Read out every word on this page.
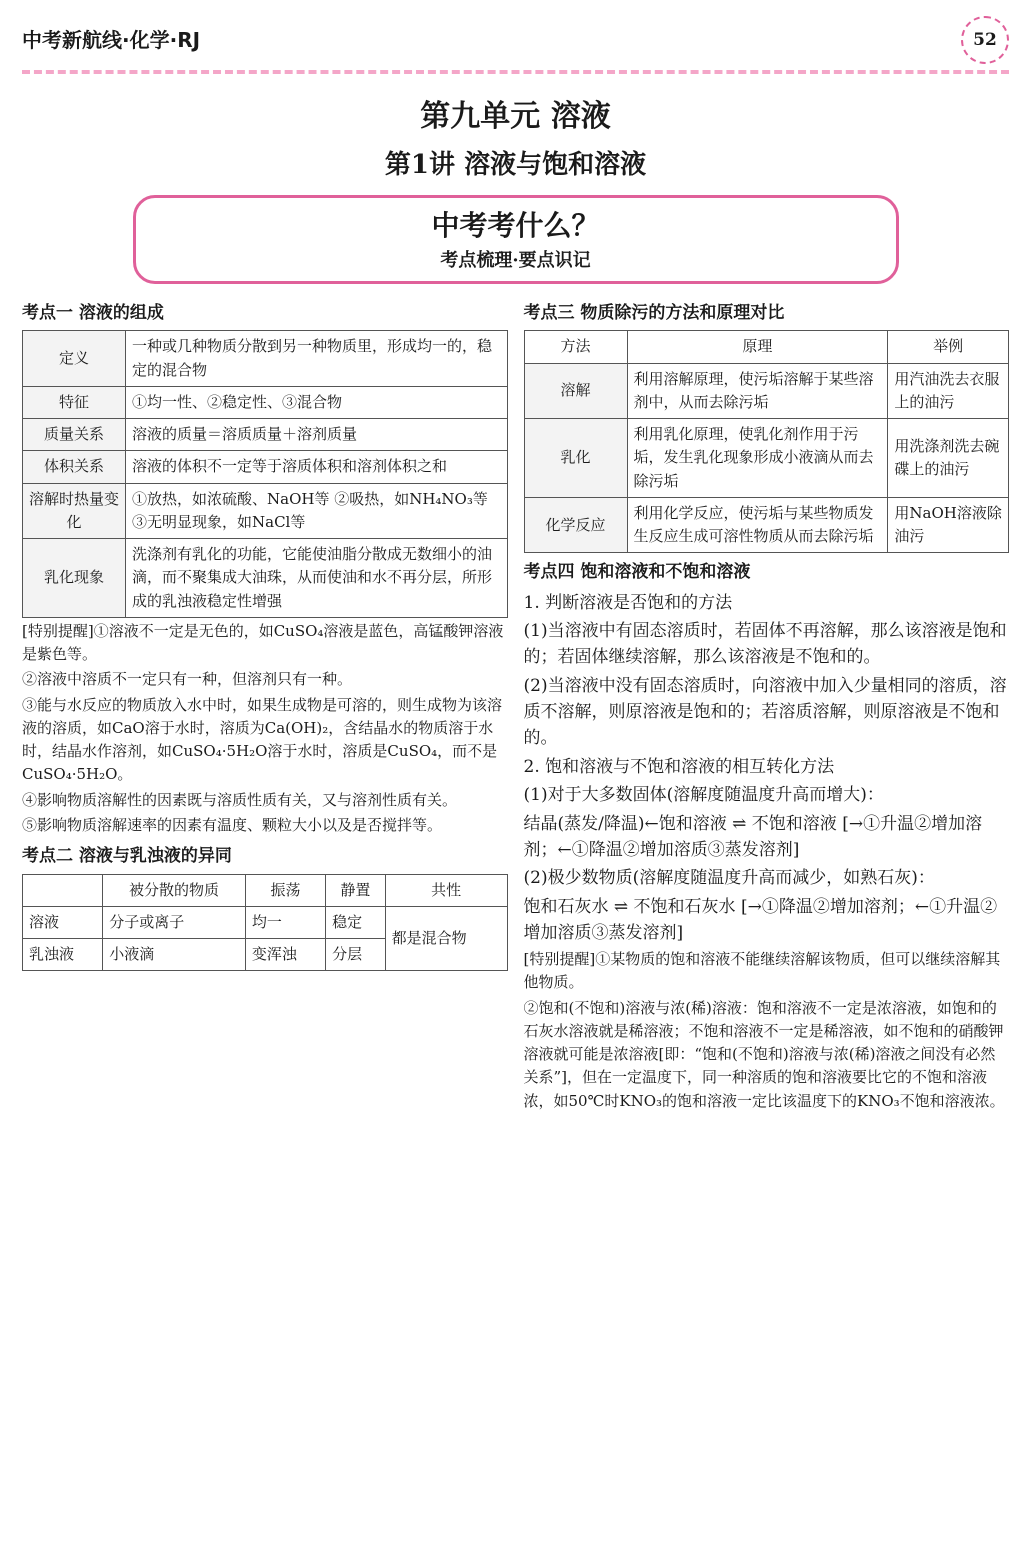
中考新航线·化学·RJ	52
第九单元 溶液
第1讲 溶液与饱和溶液
中考考什么？
考点梳理·要点识记
考点一 溶液的组成
定义	一种或几种物质分散到另一种物质里，形成均一的，稳定的混合物
特征	①均一性、②稳定性、③混合物
质量关系	溶液的质量＝溶质质量＋溶剂质量
体积关系	溶液的体积不一定等于溶质体积和溶剂体积之和
溶解时热量变化	①放热，如浓硫酸、NaOH等 ②吸热，如NH₄NO₃等 ③无明显现象，如NaCl等
乳化现象	洗涤剂有乳化的功能，它能使油脂分散成无数细小的油滴，而不聚集成大油珠，从而使油和水不再分层，所形成的乳浊液稳定性增强

[特别提醒]①溶液不一定是无色的，如CuSO₄溶液是蓝色，高锰酸钾溶液是紫色等。

②溶液中溶质不一定只有一种，但溶剂只有一种。

③能与水反应的物质放入水中时，如果生成物是可溶的，则生成物为该溶液的溶质，如CaO溶于水时，溶质为Ca(OH)₂，含结晶水的物质溶于水时，结晶水作溶剂，如CuSO₄·5H₂O溶于水时，溶质是CuSO₄，而不是CuSO₄·5H₂O。

④影响物质溶解性的因素既与溶质性质有关，又与溶剂性质有关。

⑤影响物质溶解速率的因素有温度、颗粒大小以及是否搅拌等。

考点二 溶液与乳浊液的异同
	被分散的物质	振荡	静置	共性
溶液	分子或离子	均一	稳定	都是混合物
乳浊液	小液滴	变浑浊	分层	
考点三 物质除污的方法和原理对比
方法	原理	举例
溶解	利用溶解原理，使污垢溶解于某些溶剂中，从而去除污垢	用汽油洗去衣服上的油污
乳化	利用乳化原理，使乳化剂作用于污垢，发生乳化现象形成小液滴从而去除污垢	用洗涤剂洗去碗碟上的油污
化学反应	利用化学反应，使污垢与某些物质发生反应生成可溶性物质从而去除污垢	用NaOH溶液除油污
考点四 饱和溶液和不饱和溶液

1. 判断溶液是否饱和的方法

(1)当溶液中有固态溶质时，若固体不再溶解，那么该溶液是饱和的；若固体继续溶解，那么该溶液是不饱和的。

(2)当溶液中没有固态溶质时，向溶液中加入少量相同的溶质，溶质不溶解，则原溶液是饱和的；若溶质溶解，则原溶液是不饱和的。

2. 饱和溶液与不饱和溶液的相互转化方法

(1)对于大多数固体(溶解度随温度升高而增大)：

结晶(蒸发/降温)←饱和溶液 ⇌ 不饱和溶液 [→①升温②增加溶剂；←①降温②增加溶质③蒸发溶剂]

(2)极少数物质(溶解度随温度升高而减少，如熟石灰)：

饱和石灰水 ⇌ 不饱和石灰水 [→①降温②增加溶剂；←①升温②增加溶质③蒸发溶剂]

[特别提醒]①某物质的饱和溶液不能继续溶解该物质，但可以继续溶解其他物质。

②饱和(不饱和)溶液与浓(稀)溶液：饱和溶液不一定是浓溶液，如饱和的石灰水溶液就是稀溶液；不饱和溶液不一定是稀溶液，如不饱和的硝酸钾溶液就可能是浓溶液[即：“饱和(不饱和)溶液与浓(稀)溶液之间没有必然关系”]，但在一定温度下，同一种溶质的饱和溶液要比它的不饱和溶液浓，如50℃时KNO₃的饱和溶液一定比该温度下的KNO₃不饱和溶液浓。
